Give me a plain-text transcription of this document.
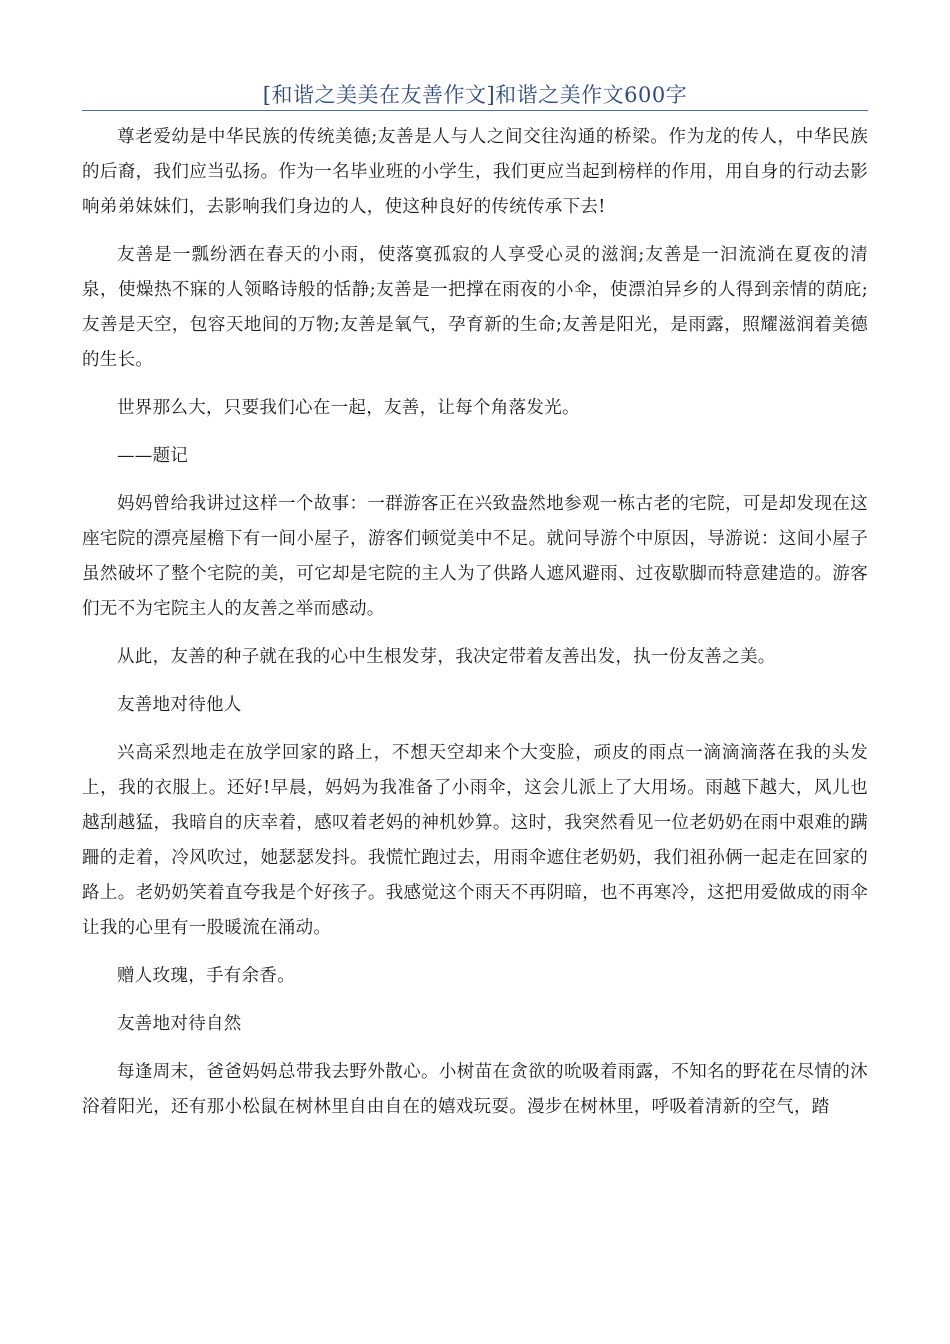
[和谐之美美在友善作文]和谐之美作文600字

尊老爱幼是中华民族的传统美德;友善是人与人之间交往沟通的桥梁。作为龙的传人，中华民族的后裔，我们应当弘扬。作为一名毕业班的小学生，我们更应当起到榜样的作用，用自身的行动去影响弟弟妹妹们，去影响我们身边的人，使这种良好的传统传承下去!

友善是一瓢纷洒在春天的小雨，使落寞孤寂的人享受心灵的滋润;友善是一汩流淌在夏夜的清泉，使燥热不寐的人领略诗般的恬静;友善是一把撑在雨夜的小伞，使漂泊异乡的人得到亲情的荫庇;友善是天空，包容天地间的万物;友善是氧气，孕育新的生命;友善是阳光，是雨露，照耀滋润着美德的生长。

世界那么大，只要我们心在一起，友善，让每个角落发光。

——题记

妈妈曾给我讲过这样一个故事：一群游客正在兴致盎然地参观一栋古老的宅院，可是却发现在这座宅院的漂亮屋檐下有一间小屋子，游客们顿觉美中不足。就问导游个中原因，导游说：这间小屋子虽然破坏了整个宅院的美，可它却是宅院的主人为了供路人遮风避雨、过夜歇脚而特意建造的。游客们无不为宅院主人的友善之举而感动。

从此，友善的种子就在我的心中生根发芽，我决定带着友善出发，执一份友善之美。

友善地对待他人

兴高采烈地走在放学回家的路上，不想天空却来个大变脸，顽皮的雨点一滴滴滴落在我的头发上，我的衣服上。还好!早晨，妈妈为我准备了小雨伞，这会儿派上了大用场。雨越下越大，风儿也越刮越猛，我暗自的庆幸着，感叹着老妈的神机妙算。这时，我突然看见一位老奶奶在雨中艰难的蹒跚的走着，冷风吹过，她瑟瑟发抖。我慌忙跑过去，用雨伞遮住老奶奶，我们祖孙俩一起走在回家的路上。老奶奶笑着直夸我是个好孩子。我感觉这个雨天不再阴暗，也不再寒冷，这把用爱做成的雨伞让我的心里有一股暖流在涌动。

赠人玫瑰，手有余香。

友善地对待自然

每逢周末，爸爸妈妈总带我去野外散心。小树苗在贪欲的吮吸着雨露，不知名的野花在尽情的沐浴着阳光，还有那小松鼠在树林里自由自在的嬉戏玩耍。漫步在树林里，呼吸着清新的空气，踏
